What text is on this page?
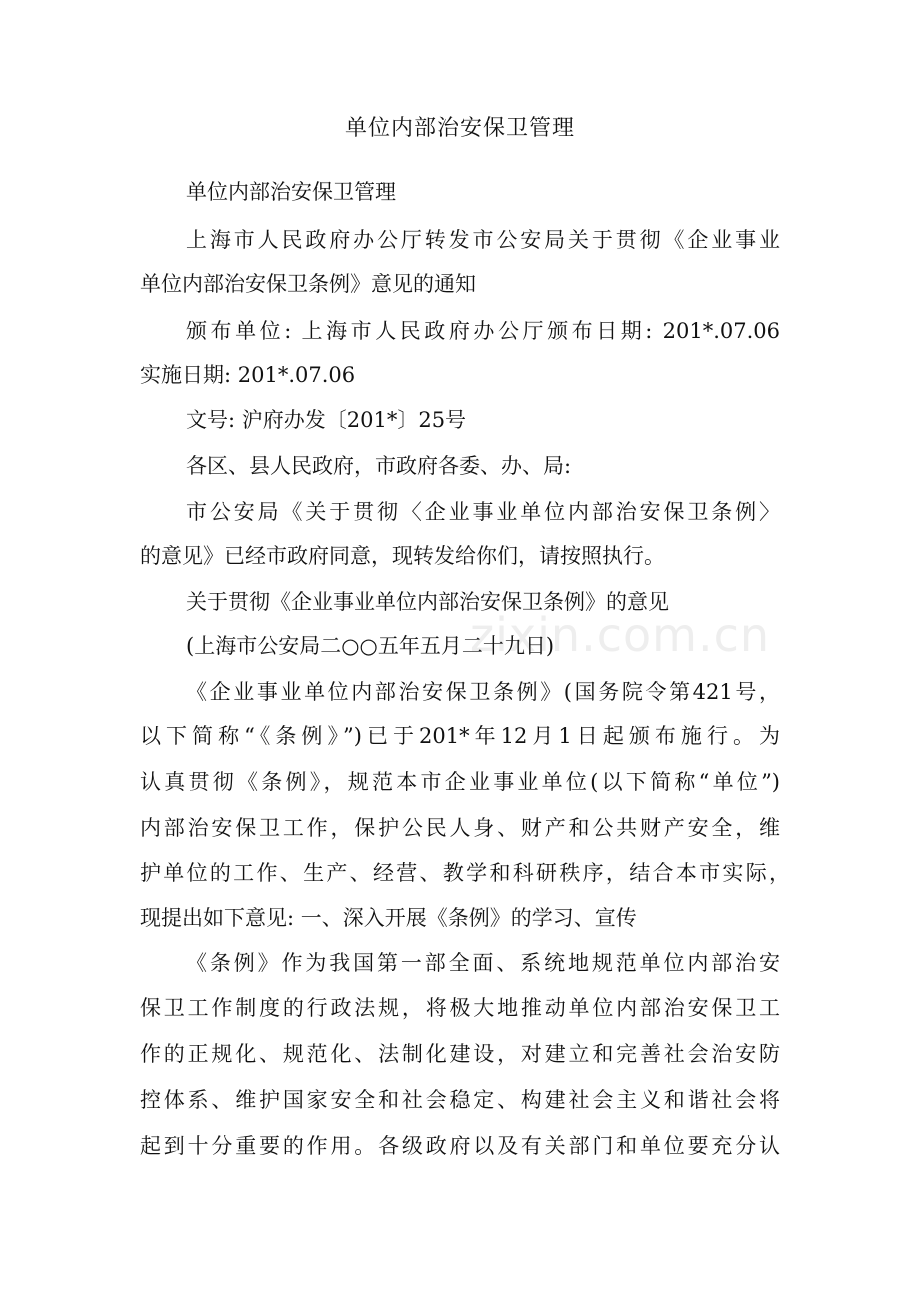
单位内部治安保卫管理
zixin.com.cn
单位内部治安保卫管理
上海市人民政府办公厅转发市公安局关于贯彻《企业事业
单位内部治安保卫条例》意见的通知
颁布单位: 上海市人民政府办公厅颁布日期: 201*.07.06
实施日期: 201*.07.06
文号: 沪府办发〔201*〕25号
各区、县人民政府，市政府各委、办、局:
市公安局《关于贯彻〈企业事业单位内部治安保卫条例〉
的意见》已经市政府同意，现转发给你们，请按照执行。
关于贯彻《企业事业单位内部治安保卫条例》的意见
(上海市公安局二○○五年五月二十九日)
《企业事业单位内部治安保卫条例》(国务院令第421号，
以下简称“《条例》”)已于201*年12月1日起颁布施行。为
认真贯彻《条例》，规范本市企业事业单位(以下简称“单位”)
内部治安保卫工作，保护公民人身、财产和公共财产安全，维
护单位的工作、生产、经营、教学和科研秩序，结合本市实际，
现提出如下意见: 一、深入开展《条例》的学习、宣传
《条例》作为我国第一部全面、系统地规范单位内部治安
保卫工作制度的行政法规，将极大地推动单位内部治安保卫工
作的正规化、规范化、法制化建设，对建立和完善社会治安防
控体系、维护国家安全和社会稳定、构建社会主义和谐社会将
起到十分重要的作用。各级政府以及有关部门和单位要充分认
